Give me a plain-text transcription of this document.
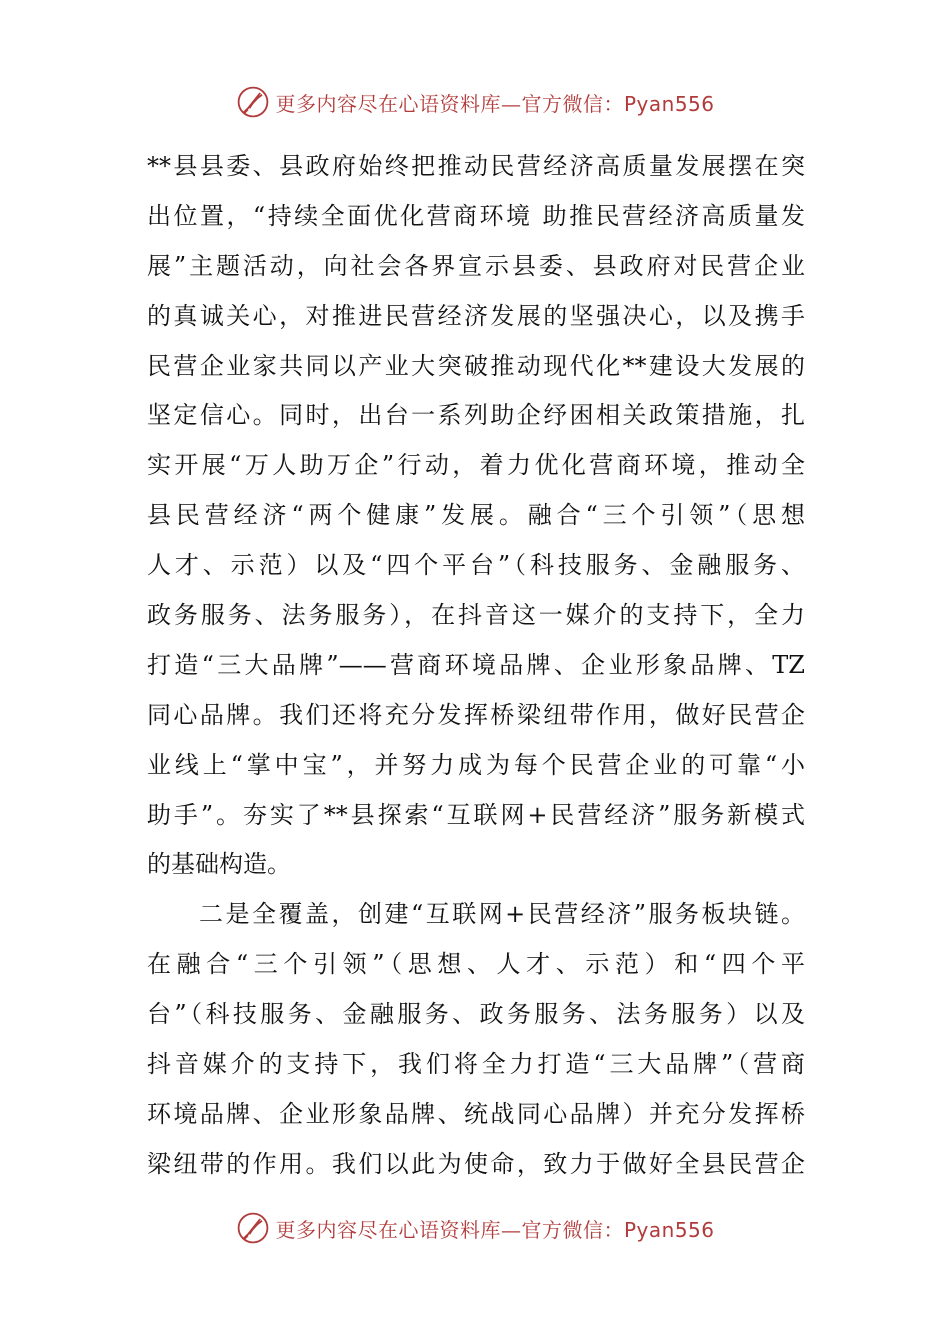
更多内容尽在心语资料库—官方微信：Pyan556
**县县委、县政府始终把推动民营经济高质量发展摆在突
出位置，“持续全面优化营商环境 助推民营经济高质量发
展”主题活动，向社会各界宣示县委、县政府对民营企业
的真诚关心，对推进民营经济发展的坚强决心，以及携手
民营企业家共同以产业大突破推动现代化**建设大发展的
坚定信心。同时，出台一系列助企纾困相关政策措施，扎
实开展“万人助万企”行动，着力优化营商环境，推动全
县民营经济“两个健康”发展。融合“三个引领”（思想
人才、示范）以及“四个平台”（科技服务、金融服务、
政务服务、法务服务），在抖音这一媒介的支持下，全力
打造“三大品牌”——营商环境品牌、企业形象品牌、TZ
同心品牌。我们还将充分发挥桥梁纽带作用，做好民营企
业线上“掌中宝”，并努力成为每个民营企业的可靠“小
助手”。夯实了**县探索“互联网+民营经济”服务新模式
的基础构造。
二是全覆盖，创建“互联网+民营经济”服务板块链。
在融合“三个引领”（思想、人才、示范）和“四个平
台”（科技服务、金融服务、政务服务、法务服务）以及
抖音媒介的支持下，我们将全力打造“三大品牌”（营商
环境品牌、企业形象品牌、统战同心品牌）并充分发挥桥
梁纽带的作用。我们以此为使命，致力于做好全县民营企
更多内容尽在心语资料库—官方微信：Pyan556
